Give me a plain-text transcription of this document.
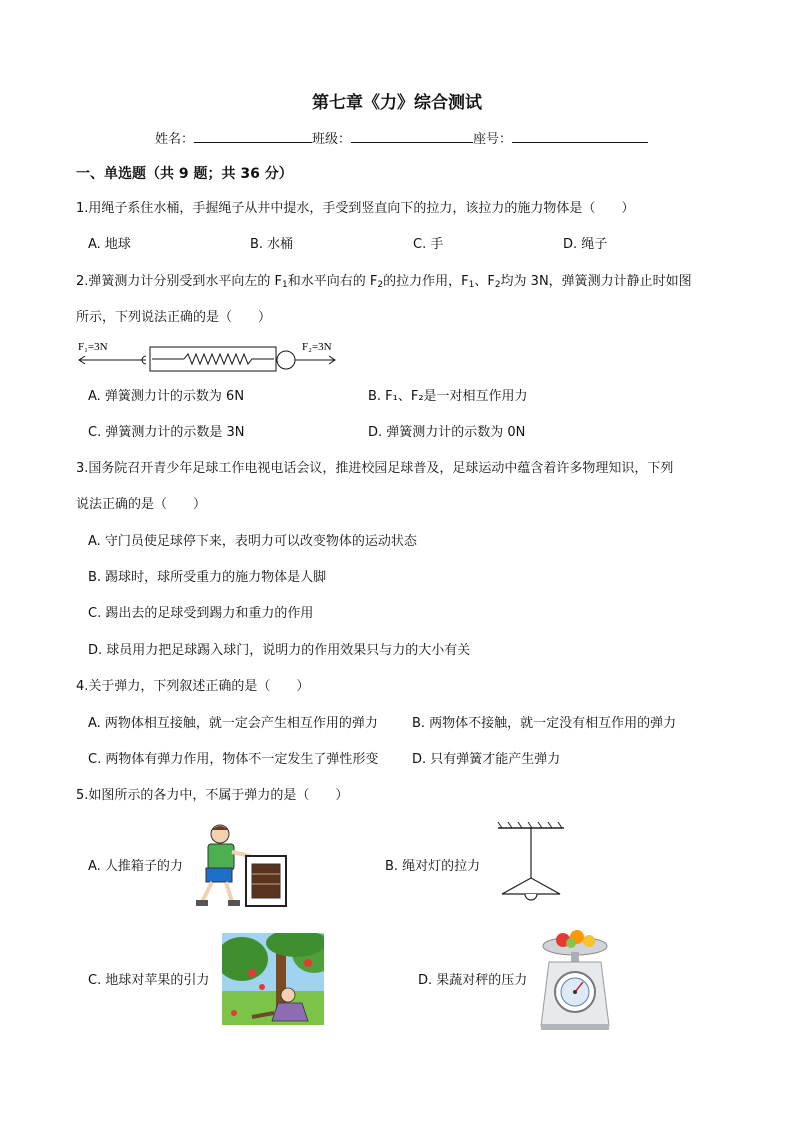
第七章《力》综合测试
姓名：	班级：	座号：
一、单选题（共 9 题；共 36 分）
1.用绳子系住水桶，手握绳子从井中提水，手受到竖直向下的拉力，该拉力的施力物体是（　　）
A. 地球	B. 水桶	C. 手	D. 绳子
2.弹簧测力计分别受到水平向左的 $F_1$和水平向右的 $F_2$的拉力作用，$F_1$、$F_2$均为 3N，弹簧测力计静止时如图
所示，下列说法正确的是（　　）
F₁=3N	F₂=3N
A. 弹簧测力计的示数为 6N	B. F₁、F₂是一对相互作用力
C. 弹簧测力计的示数是 3N	D. 弹簧测力计的示数为 0N
3.国务院召开青少年足球工作电视电话会议，推进校园足球普及，足球运动中蕴含着许多物理知识，下列
说法正确的是（　　）
A. 守门员使足球停下来，表明力可以改变物体的运动状态
B. 踢球时，球所受重力的施力物体是人脚
C. 踢出去的足球受到踢力和重力的作用
D. 球员用力把足球踢入球门，说明力的作用效果只与力的大小有关
4.关于弹力，下列叙述正确的是（　　）
A. 两物体相互接触，就一定会产生相互作用的弹力	B. 两物体不接触，就一定没有相互作用的弹力
C. 两物体有弹力作用，物体不一定发生了弹性形变	D. 只有弹簧才能产生弹力
5.如图所示的各力中，不属于弹力的是（　　）
A. 人推箱子的力	B. 绳对灯的拉力
C. 地球对苹果的引力	D. 果蔬对秤的压力
